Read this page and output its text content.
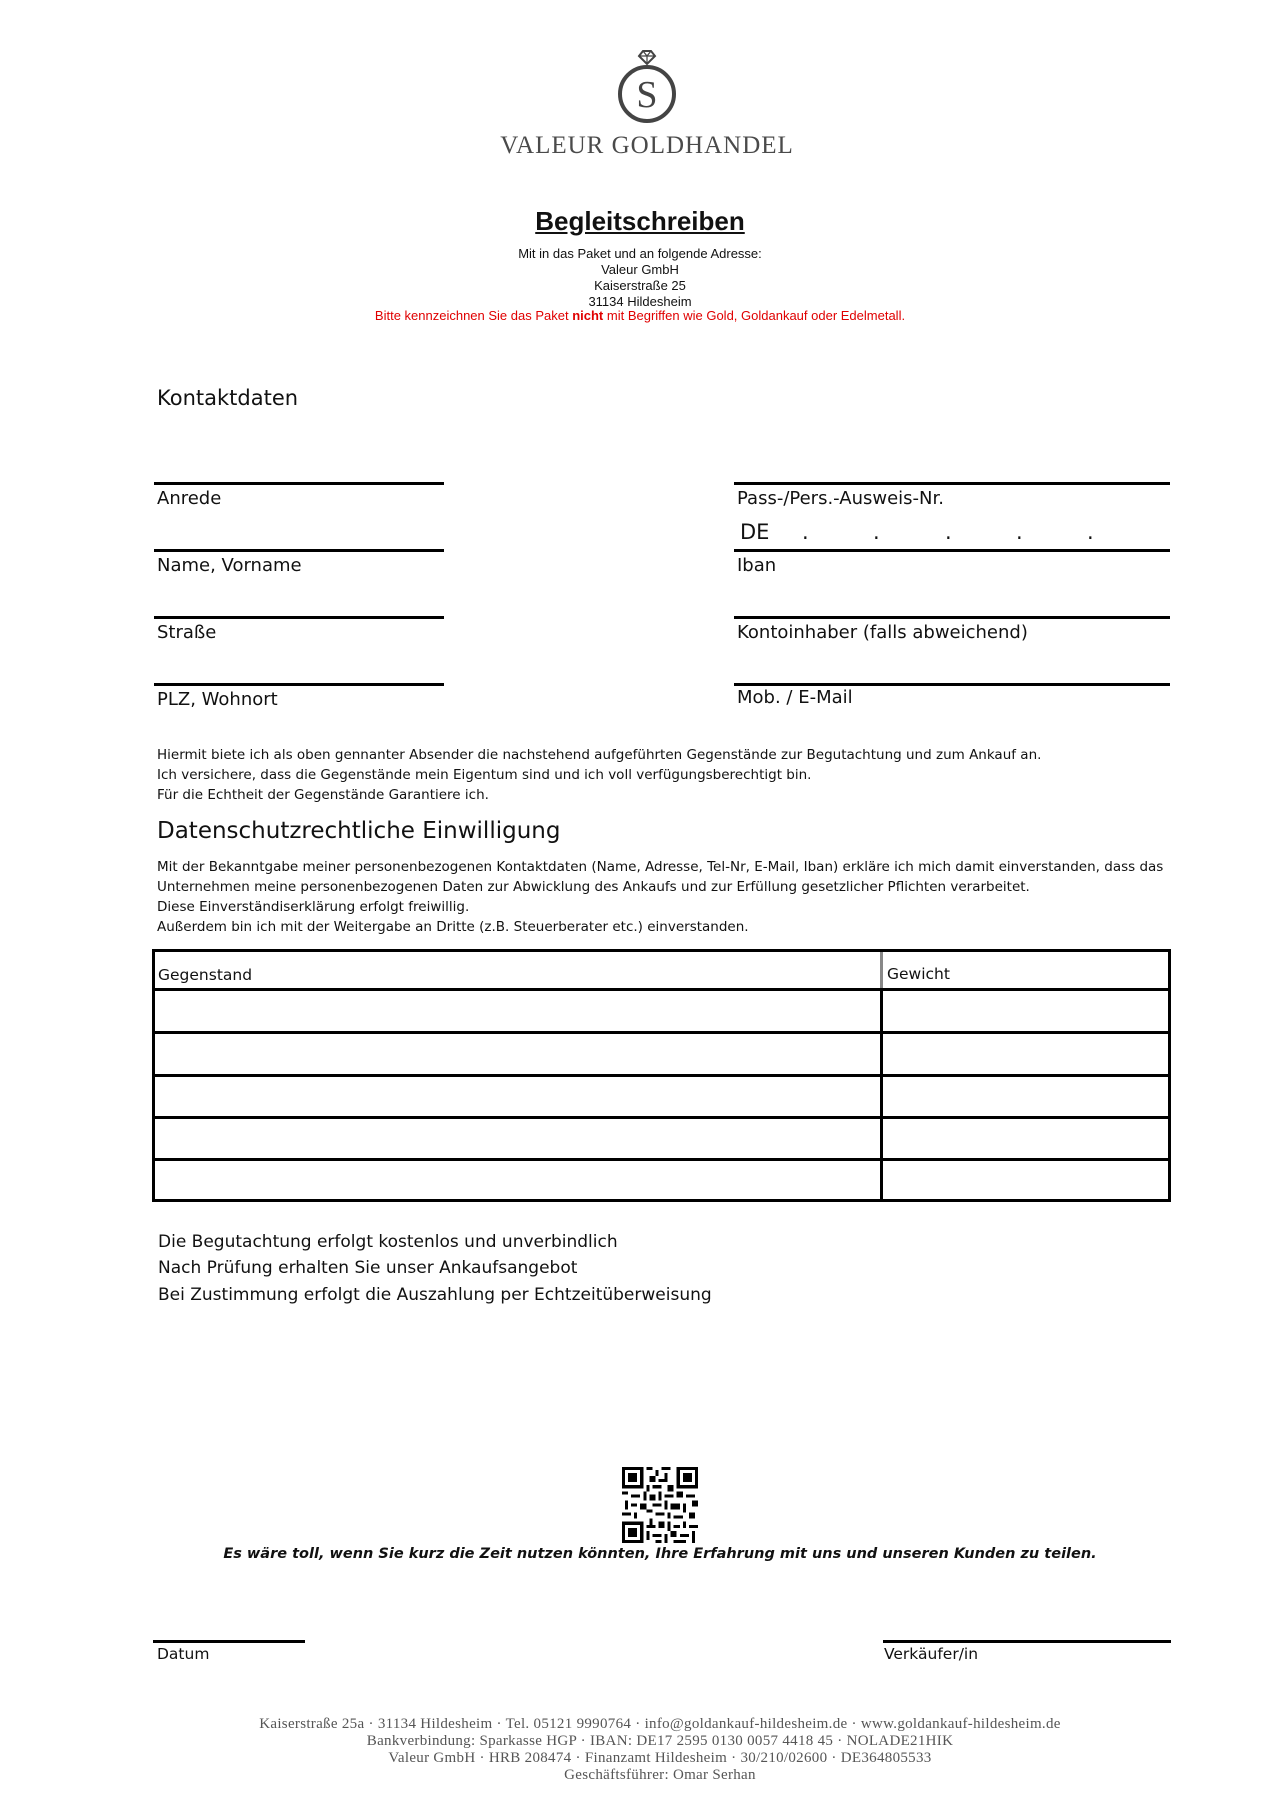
S
VALEUR GOLDHANDEL
Begleitschreiben
Mit in das Paket und an folgende Adresse:
Valeur GmbH
Kaiserstraße 25
31134 Hildesheim
Bitte kennzeichnen Sie das Paket nicht mit Begriffen wie Gold, Goldankauf oder Edelmetall.
Kontaktdaten
Anrede
Name, Vorname
Straße
PLZ, Wohnort
Pass-/Pers.-Ausweis-Nr.
DE .	.	.	.	.
Iban
Kontoinhaber (falls abweichend)
Mob. / E-Mail
Hiermit biete ich als oben gennanter Absender die nachstehend aufgeführten Gegenstände zur Begutachtung und zum Ankauf an.
Ich versichere, dass die Gegenstände mein Eigentum sind und ich voll verfügungsberechtigt bin.
Für die Echtheit der Gegenstände Garantiere ich.
Datenschutzrechtliche Einwilligung
Mit der Bekanntgabe meiner personenbezogenen Kontaktdaten (Name, Adresse, Tel-Nr, E-Mail, Iban) erkläre ich mich damit einverstanden, dass das
Unternehmen meine personenbezogenen Daten zur Abwicklung des Ankaufs und zur Erfüllung gesetzlicher Pflichten verarbeitet.
Diese Einverständiserklärung erfolgt freiwillig.
Außerdem bin ich mit der Weitergabe an Dritte (z.B. Steuerberater etc.) einverstanden.
Gegenstand	Gewicht
Die Begutachtung erfolgt kostenlos und unverbindlich
Nach Prüfung erhalten Sie unser Ankaufsangebot
Bei Zustimmung erfolgt die Auszahlung per Echtzeitüberweisung
Es wäre toll, wenn Sie kurz die Zeit nutzen könnten, Ihre Erfahrung mit uns und unseren Kunden zu teilen.
Datum	Verkäufer/in
Kaiserstraße 25a · 31134 Hildesheim · Tel. 05121 9990764 · info@goldankauf-hildesheim.de · www.goldankauf-hildesheim.de
Bankverbindung: Sparkasse HGP · IBAN: DE17 2595 0130 0057 4418 45 · NOLADE21HIK
Valeur GmbH · HRB 208474 · Finanzamt Hildesheim · 30/210/02600 · DE364805533
Geschäftsführer: Omar Serhan
